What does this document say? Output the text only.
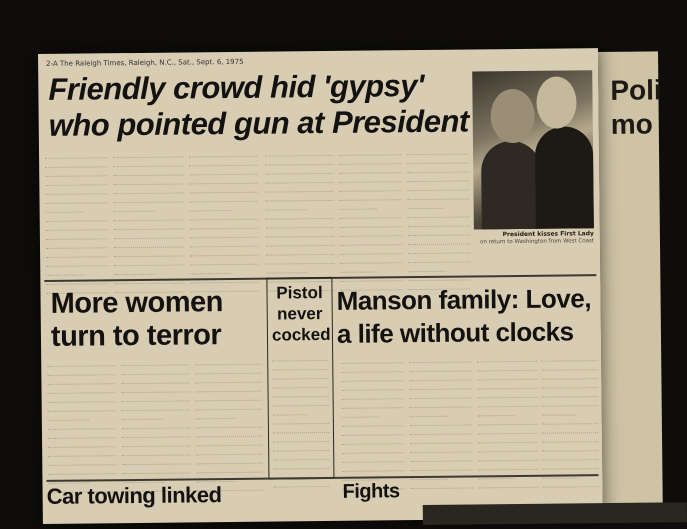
Poli
mo
2-A The Raleigh Times, Raleigh, N.C., Sat., Sept. 6, 1975
Friendly crowd hid 'gypsy'
who pointed gun at President
President kisses First Lady
on return to Washington from West Coast
More women
turn to terror
Pistol
never
cocked
Manson family: Love,
a life without clocks
Car towing linked	Fights
